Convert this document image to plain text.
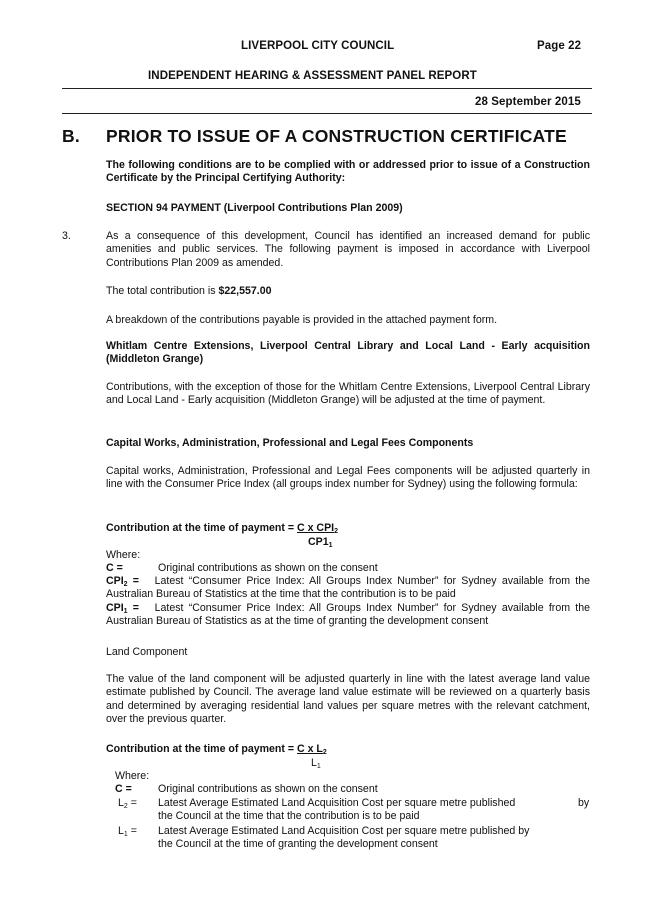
LIVERPOOL CITY COUNCIL	Page 22
INDEPENDENT HEARING & ASSESSMENT PANEL REPORT
28 September 2015
B. PRIOR TO ISSUE OF A CONSTRUCTION CERTIFICATE
The following conditions are to be complied with or addressed prior to issue of a Construction Certificate by the Principal Certifying Authority:
SECTION 94 PAYMENT (Liverpool Contributions Plan 2009)
3.	As a consequence of this development, Council has identified an increased demand for public amenities and public services. The following payment is imposed in accordance with Liverpool Contributions Plan 2009 as amended.
The total contribution is $22,557.00
A breakdown of the contributions payable is provided in the attached payment form.
Whitlam Centre Extensions, Liverpool Central Library and Local Land - Early acquisition (Middleton Grange)
Contributions, with the exception of those for the Whitlam Centre Extensions, Liverpool Central Library and Local Land - Early acquisition (Middleton Grange) will be adjusted at the time of payment.
Capital Works, Administration, Professional and Legal Fees Components
Capital works, Administration, Professional and Legal Fees components will be adjusted quarterly in line with the Consumer Price Index (all groups index number for Sydney) using the following formula:
Contribution at the time of payment = C x $CPI_2$
$CP1_1$
Where:
C =	Original contributions as shown on the consent
$CPI_2$ = Latest “Consumer Price Index: All Groups Index Number” for Sydney available from the Australian Bureau of Statistics at the time that the contribution is to be paid
$CPI_1$ = Latest “Consumer Price Index: All Groups Index Number” for Sydney available from the Australian Bureau of Statistics as at the time of granting the development consent
Land Component
The value of the land component will be adjusted quarterly in line with the latest average land value estimate published by Council. The average land value estimate will be reviewed on a quarterly basis and determined by averaging residential land values per square metres with the relevant catchment, over the previous quarter.
Contribution at the time of payment = C x $L_2$
$L_1$
Where:
C = Original contributions as shown on the consent
$L_2$ = Latest Average Estimated Land Acquisition Cost per square metre published	by
the Council at the time that the contribution is to be paid
$L_1$ = Latest Average Estimated Land Acquisition Cost per square metre published by
the Council at the time of granting the development consent
